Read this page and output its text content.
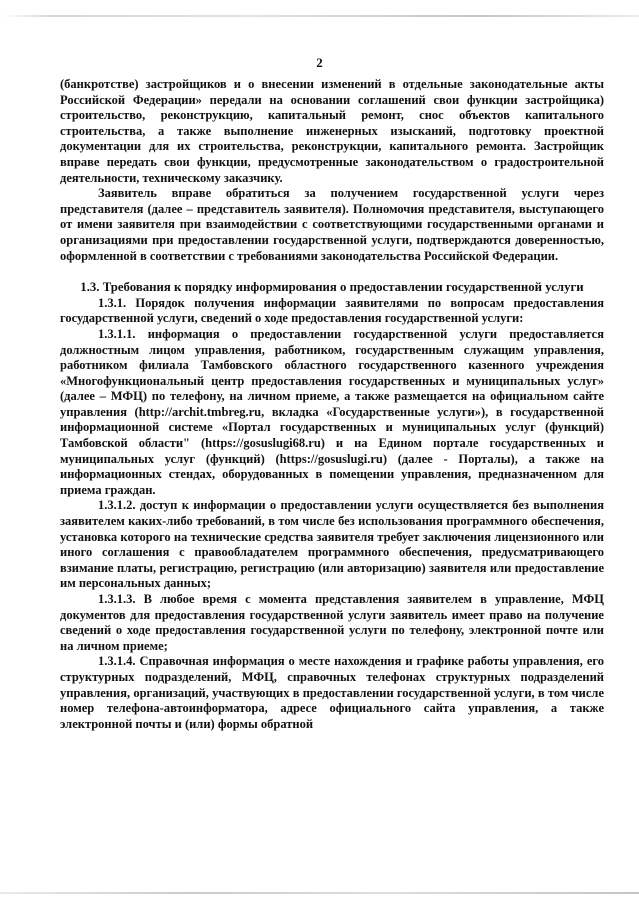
2

(банкротстве) застройщиков и о внесении изменений в отдельные законодательные акты Российской Федерации» передали на основании соглашений свои функции застройщика) строительство, реконструкцию, капитальный ремонт, снос объектов капитального строительства, а также выполнение инженерных изысканий, подготовку проектной документации для их строительства, реконструкции, капитального ремонта. Застройщик вправе передать свои функции, предусмотренные законодательством о градостроительной деятельности, техническому заказчику.

Заявитель вправе обратиться за получением государственной услуги через представителя (далее – представитель заявителя). Полномочия представителя, выступающего от имени заявителя при взаимодействии с соответствующими государственными органами и организациями при предоставлении государственной услуги, подтверждаются доверенностью, оформленной в соответствии с требованиями законодательства Российской Федерации.

1.3. Требования к порядку информирования о предоставлении государственной услуги

1.3.1. Порядок получения информации заявителями по вопросам предоставления государственной услуги, сведений о ходе предоставления государственной услуги:

1.3.1.1. информация о предоставлении государственной услуги предоставляется должностным лицом управления, работником, государственным служащим управления, работником филиала Тамбовского областного государственного казенного учреждения «Многофункциональный центр предоставления государственных и муниципальных услуг» (далее – МФЦ) по телефону, на личном приеме, а также размещается на официальном сайте управления (http://archit.tmbreg.ru, вкладка «Государственные услуги»), в государственной информационной системе «Портал государственных и муниципальных услуг (функций) Тамбовской области" (https://gosuslugi68.ru) и на Едином портале государственных и муниципальных услуг (функций) (https://gosuslugi.ru) (далее - Порталы), а также на информационных стендах, оборудованных в помещении управления, предназначенном для приема граждан.

1.3.1.2. доступ к информации о предоставлении услуги осуществляется без выполнения заявителем каких-либо требований, в том числе без использования программного обеспечения, установка которого на технические средства заявителя требует заключения лицензионного или иного соглашения с правообладателем программного обеспечения, предусматривающего взимание платы, регистрацию, регистрацию (или авторизацию) заявителя или предоставление им персональных данных;

1.3.1.3. В любое время с момента представления заявителем в управление, МФЦ документов для предоставления государственной услуги заявитель имеет право на получение сведений о ходе предоставления государственной услуги по телефону, электронной почте или на личном приеме;

1.3.1.4. Справочная информация о месте нахождения и графике работы управления, его структурных подразделений, МФЦ, справочных телефонах структурных подразделений управления, организаций, участвующих в предоставлении государственной услуги, в том числе номер телефона-автоинформатора, адресе официального сайта управления, а также электронной почты и (или) формы обратной
